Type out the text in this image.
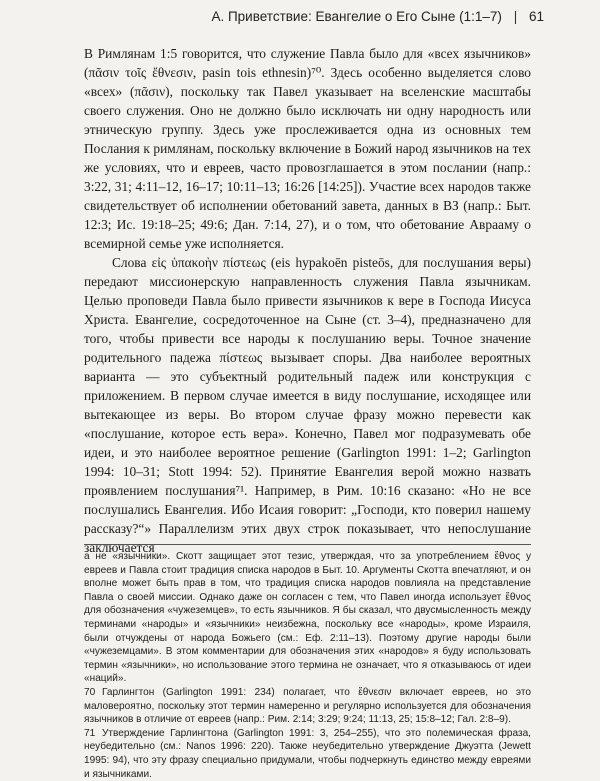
А. Приветствие: Евангелие о Его Сыне (1:1–7) | 61

В Римлянам 1:5 говорится, что служение Павла было для «всех язычников» (πᾶσιν τοῖς ἔθνεσιν, pasin tois ethnesin)⁷⁰. Здесь особенно выделяется слово «всех» (πᾶσιν), поскольку так Павел указывает на вселенские масштабы своего служения. Оно не должно было исключать ни одну народность или этническую группу. Здесь уже прослеживается одна из основных тем Послания к римлянам, поскольку включение в Божий народ язычников на тех же условиях, что и евреев, часто провозглашается в этом послании (напр.: 3:22, 31; 4:11–12, 16–17; 10:11–13; 16:26 [14:25]). Участие всех народов также свидетельствует об исполнении обетований завета, данных в ВЗ (напр.: Быт. 12:3; Ис. 19:18–25; 49:6; Дан. 7:14, 27), и о том, что обетование Аврааму о всемирной семье уже исполняется.

Слова εἰς ὑπακοὴν πίστεως (eis hypakoēn pisteōs, для послушания веры) передают миссионерскую направленность служения Павла язычникам. Целью проповеди Павла было привести язычников к вере в Господа Иисуса Христа. Евангелие, сосредоточенное на Сыне (ст. 3–4), предназначено для того, чтобы привести все народы к послушанию веры. Точное значение родительного падежа πίστεως вызывает споры. Два наиболее вероятных варианта — это субъектный родительный падеж или конструкция с приложением. В первом случае имеется в виду послушание, исходящее или вытекающее из веры. Во втором случае фразу можно перевести как «послушание, которое есть вера». Конечно, Павел мог подразумевать обе идеи, и это наиболее вероятное решение (Garlington 1991: 1–2; Garlington 1994: 10–31; Stott 1994: 52). Принятие Евангелия верой можно назвать проявлением послушания⁷¹. Например, в Рим. 10:16 сказано: «Но не все послушались Евангелия. Ибо Исаия говорит: „Господи, кто поверил нашему рассказу?“» Параллелизм этих двух строк показывает, что непослушание заключается

а не «язычники». Скотт защищает этот тезис, утверждая, что за употреблением ἔθνος у евреев и Павла стоит традиция списка народов в Быт. 10. Аргументы Скотта впечатляют, и он вполне может быть прав в том, что традиция списка народов повлияла на представление Павла о своей миссии. Однако даже он согласен с тем, что Павел иногда использует ἔθνος для обозначения «чужеземцев», то есть язычников. Я бы сказал, что двусмысленность между терминами «народы» и «язычники» неизбежна, поскольку все «народы», кроме Израиля, были отчуждены от народа Божьего (см.: Еф. 2:11–13). Поэтому другие народы были «чужеземцами». В этом комментарии для обозначения этих «народов» я буду использовать термин «язычники», но использование этого термина не означает, что я отказываюсь от идеи «наций».

70 Гарлингтон (Garlington 1991: 234) полагает, что ἔθνεσιν включает евреев, но это маловероятно, поскольку этот термин намеренно и регулярно используется для обозначения язычников в отличие от евреев (напр.: Рим. 2:14; 3:29; 9:24; 11:13, 25; 15:8–12; Гал. 2:8–9).

71 Утверждение Гарлингтона (Garlington 1991: 3, 254–255), что это полемическая фраза, неубедительно (см.: Nanos 1996: 220). Также неубедительно утверждение Джуэтта (Jewett 1995: 94), что эту фразу специально придумали, чтобы подчеркнуть единство между евреями и язычниками.
